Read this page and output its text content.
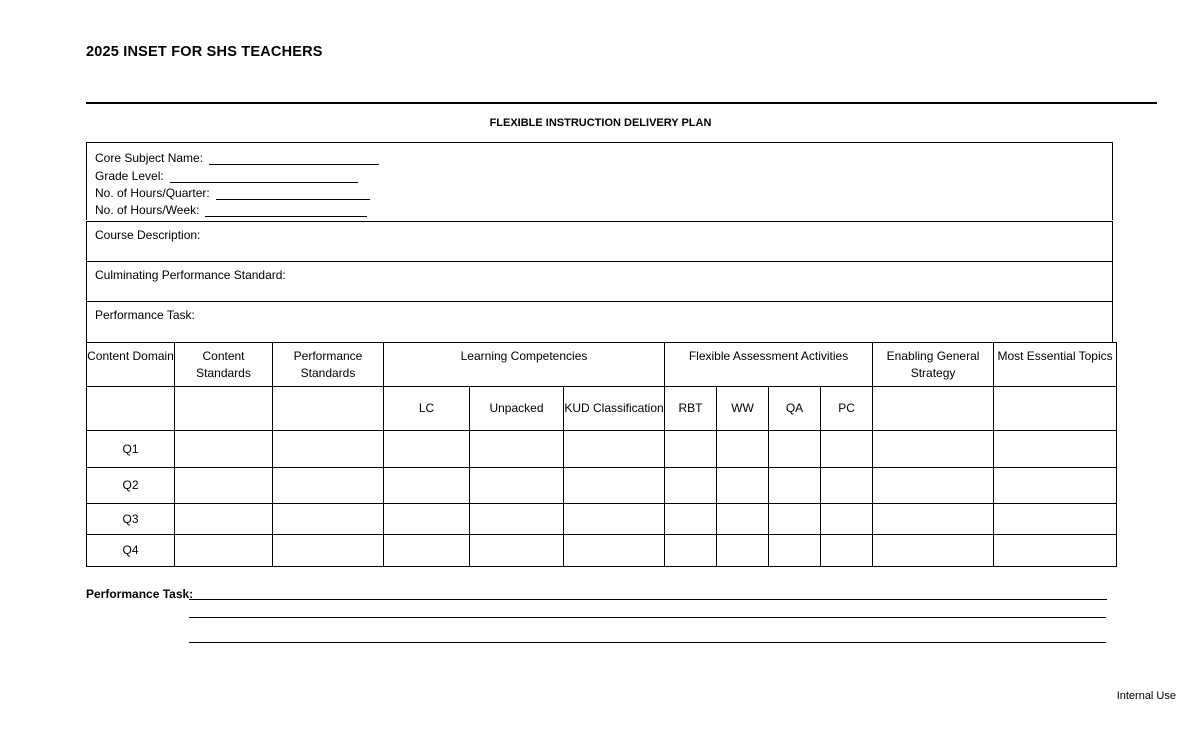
2025 INSET FOR SHS TEACHERS
FLEXIBLE INSTRUCTION DELIVERY PLAN
Core Subject Name:
Grade Level:
No. of Hours/Quarter:
No. of Hours/Week:
Course Description:
Culminating Performance Standard:
Performance Task:
Content Domain	Content Standards	Performance Standards	Learning Competencies			Flexible Assessment Activities				Enabling General Strategy	Most Essential Topics
			LC	Unpacked	KUD Classification	RBT	WW	QA	PC		
Q1											
Q2											
Q3											
Q4											
Performance Task:
Internal Use
